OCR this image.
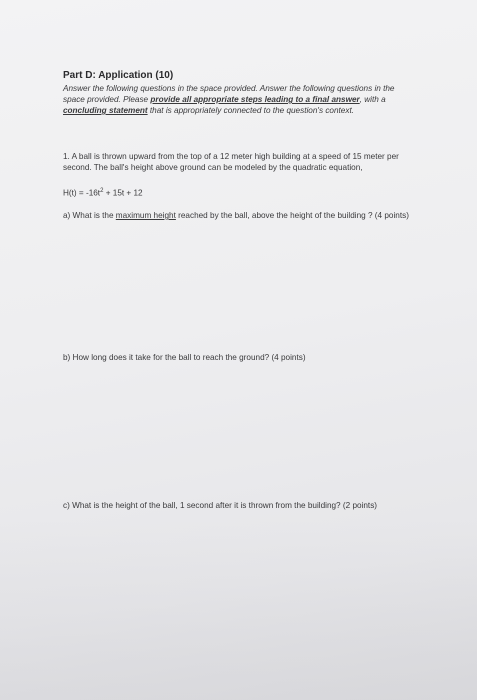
Part D: Application (10)

Answer the following questions in the space provided. Answer the following questions in the
space provided. Please provide all appropriate steps leading to a final answer, with a
concluding statement that is appropriately connected to the question's context.

1. A ball is thrown upward from the top of a 12 meter high building at a speed of 15 meter per
second. The ball's height above ground can be modeled by the quadratic equation,
$H(t) = -16t^2 + 15t + 12$
a) What is the maximum height reached by the ball, above the height of the building ? (4 points)
b) How long does it take for the ball to reach the ground? (4 points)
c) What is the height of the ball, 1 second after it is thrown from the building? (2 points)
